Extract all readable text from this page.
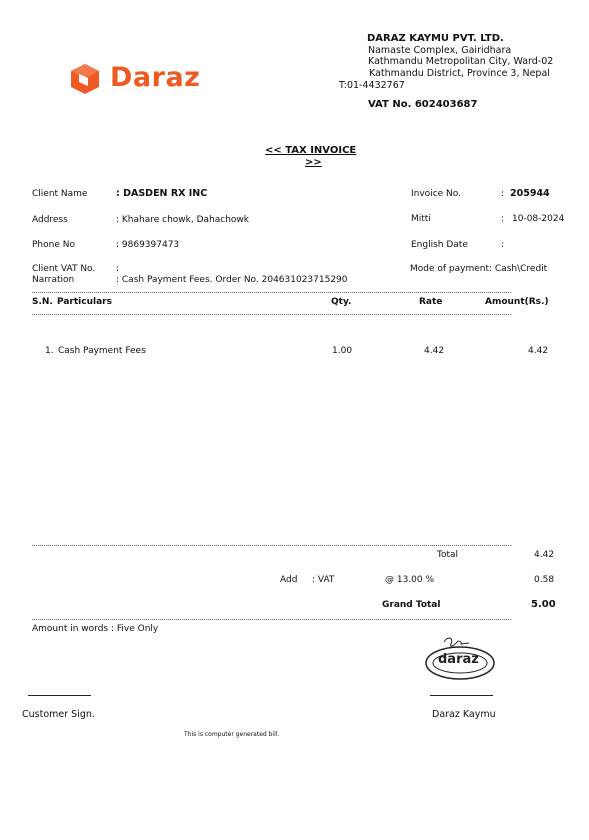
Daraz
DARAZ KAYMU PVT. LTD.
Namaste Complex, Gairidhara
Kathmandu Metropolitan City, Ward-02
Kathmandu District, Province 3, Nepal
T:01-4432767
VAT No. 602403687
<< TAX INVOICE
>>
Client Name	: DASDEN RX INC
Address	: Khahare chowk, Dahachowk
Phone No	: 9869397473
Client VAT No. :
Narration	: Cash Payment Fees. Order No. 204631023715290
Invoice No.	: 205944
Mitti	: 10-08-2024
English Date	:
Mode of payment: Cash\Credit
S.N. Particulars	Qty.	Rate	Amount(Rs.)
1. Cash Payment Fees	1.00	4.42	4.42
Total	4.42
Add : VAT	@ 13.00 %	0.58
Grand Total	5.00
Amount in words : Five Only
daraz
Customer Sign.	Daraz Kaymu
This is computer generated bill.
